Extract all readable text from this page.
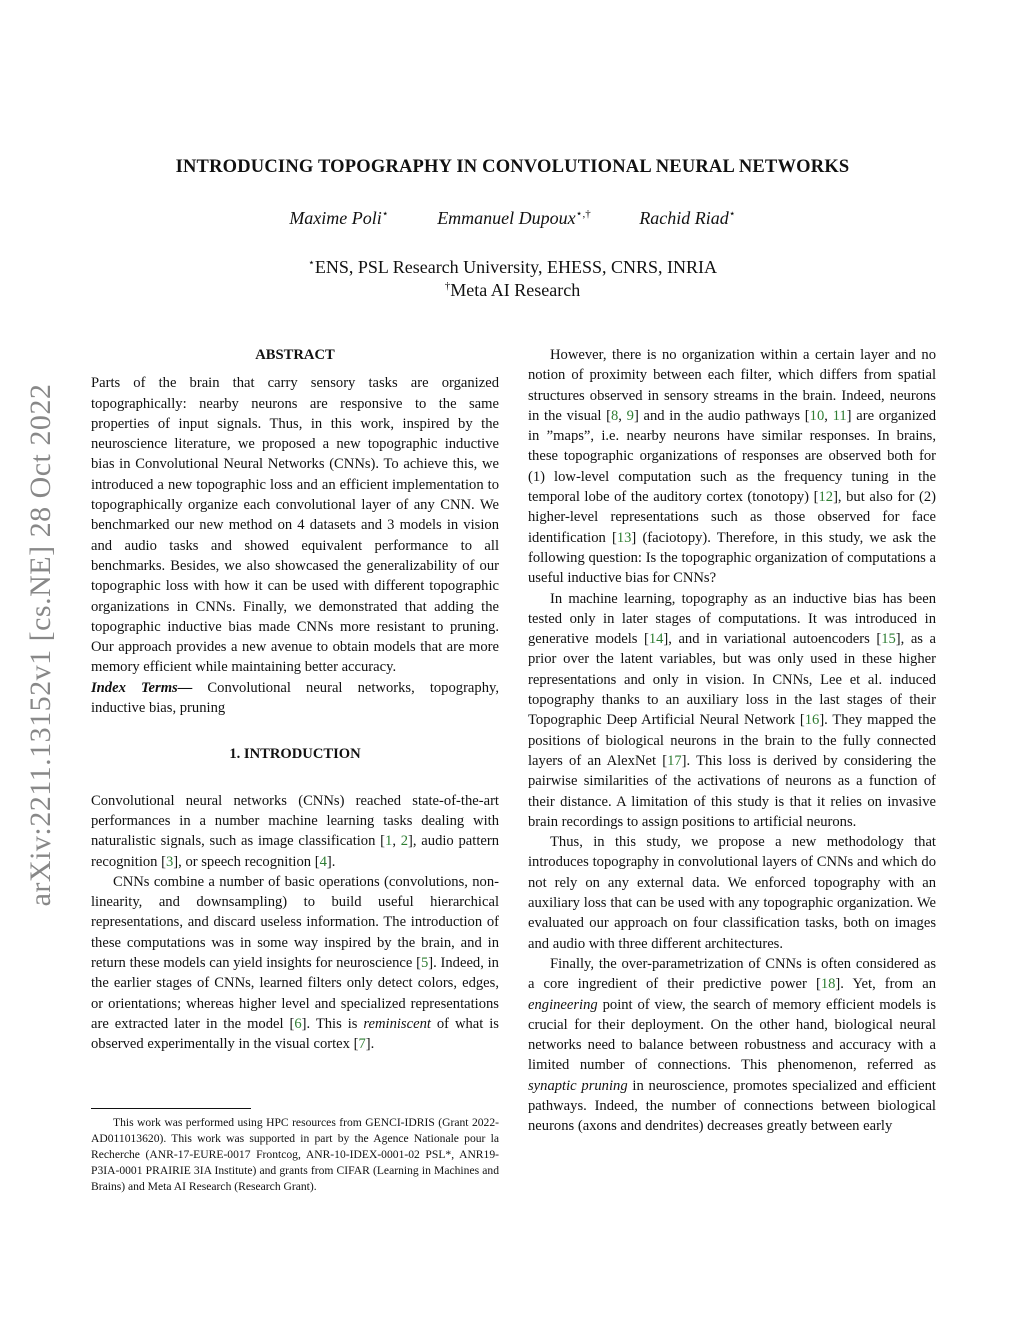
arXiv:2211.13152v1 [cs.NE] 28 Oct 2022
INTRODUCING TOPOGRAPHY IN CONVOLUTIONAL NEURAL NETWORKS
Maxime Poli⋆	Emmanuel Dupoux⋆,†	Rachid Riad⋆
⋆ENS, PSL Research University, EHESS, CNRS, INRIA
†Meta AI Research
ABSTRACT

Parts of the brain that carry sensory tasks are organized topographically: nearby neurons are responsive to the same properties of input signals. Thus, in this work, inspired by the neuroscience literature, we proposed a new topographic inductive bias in Convolutional Neural Networks (CNNs). To achieve this, we introduced a new topographic loss and an efficient implementation to topographically organize each convolutional layer of any CNN. We benchmarked our new method on 4 datasets and 3 models in vision and audio tasks and showed equivalent performance to all benchmarks. Besides, we also showcased the generalizability of our topographic loss with how it can be used with different topographic organizations in CNNs. Finally, we demonstrated that adding the topographic inductive bias made CNNs more resistant to pruning. Our approach provides a new avenue to obtain models that are more memory efficient while maintaining better accuracy.

Index Terms— Convolutional neural networks, topography, inductive bias, pruning

1. INTRODUCTION

Convolutional neural networks (CNNs) reached state-of-the-art performances in a number machine learning tasks dealing with naturalistic signals, such as image classification [1, 2], audio pattern recognition [3], or speech recognition [4].

CNNs combine a number of basic operations (convolutions, non-linearity, and downsampling) to build useful hierarchical representations, and discard useless information. The introduction of these computations was in some way inspired by the brain, and in return these models can yield insights for neuroscience [5]. Indeed, in the earlier stages of CNNs, learned filters only detect colors, edges, or orientations; whereas higher level and specialized representations are extracted later in the model [6]. This is reminiscent of what is observed experimentally in the visual cortex [7].

This work was performed using HPC resources from GENCI-IDRIS (Grant 2022-AD011013620). This work was supported in part by the Agence Nationale pour la Recherche (ANR-17-EURE-0017 Frontcog, ANR-10-IDEX-0001-02 PSL*, ANR19-P3IA-0001 PRAIRIE 3IA Institute) and grants from CIFAR (Learning in Machines and Brains) and Meta AI Research (Research Grant).

However, there is no organization within a certain layer and no notion of proximity between each filter, which differs from spatial structures observed in sensory streams in the brain. Indeed, neurons in the visual [8, 9] and in the audio pathways [10, 11] are organized in ”maps”, i.e. nearby neurons have similar responses. In brains, these topographic organizations of responses are observed both for (1) low-level computation such as the frequency tuning in the temporal lobe of the auditory cortex (tonotopy) [12], but also for (2) higher-level representations such as those observed for face identification [13] (faciotopy). Therefore, in this study, we ask the following question: Is the topographic organization of computations a useful inductive bias for CNNs?

In machine learning, topography as an inductive bias has been tested only in later stages of computations. It was introduced in generative models [14], and in variational autoencoders [15], as a prior over the latent variables, but was only used in these higher representations and only in vision. In CNNs, Lee et al. induced topography thanks to an auxiliary loss in the last stages of their Topographic Deep Artificial Neural Network [16]. They mapped the positions of biological neurons in the brain to the fully connected layers of an AlexNet [17]. This loss is derived by considering the pairwise similarities of the activations of neurons as a function of their distance. A limitation of this study is that it relies on invasive brain recordings to assign positions to artificial neurons.

Thus, in this study, we propose a new methodology that introduces topography in convolutional layers of CNNs and which do not rely on any external data. We enforced topography with an auxiliary loss that can be used with any topographic organization. We evaluated our approach on four classification tasks, both on images and audio with three different architectures.

Finally, the over-parametrization of CNNs is often considered as a core ingredient of their predictive power [18]. Yet, from an engineering point of view, the search of memory efficient models is crucial for their deployment. On the other hand, biological neural networks need to balance between robustness and accuracy with a limited number of connections. This phenomenon, referred as synaptic pruning in neuroscience, promotes specialized and efficient pathways. Indeed, the number of connections between biological neurons (axons and dendrites) decreases greatly between early
